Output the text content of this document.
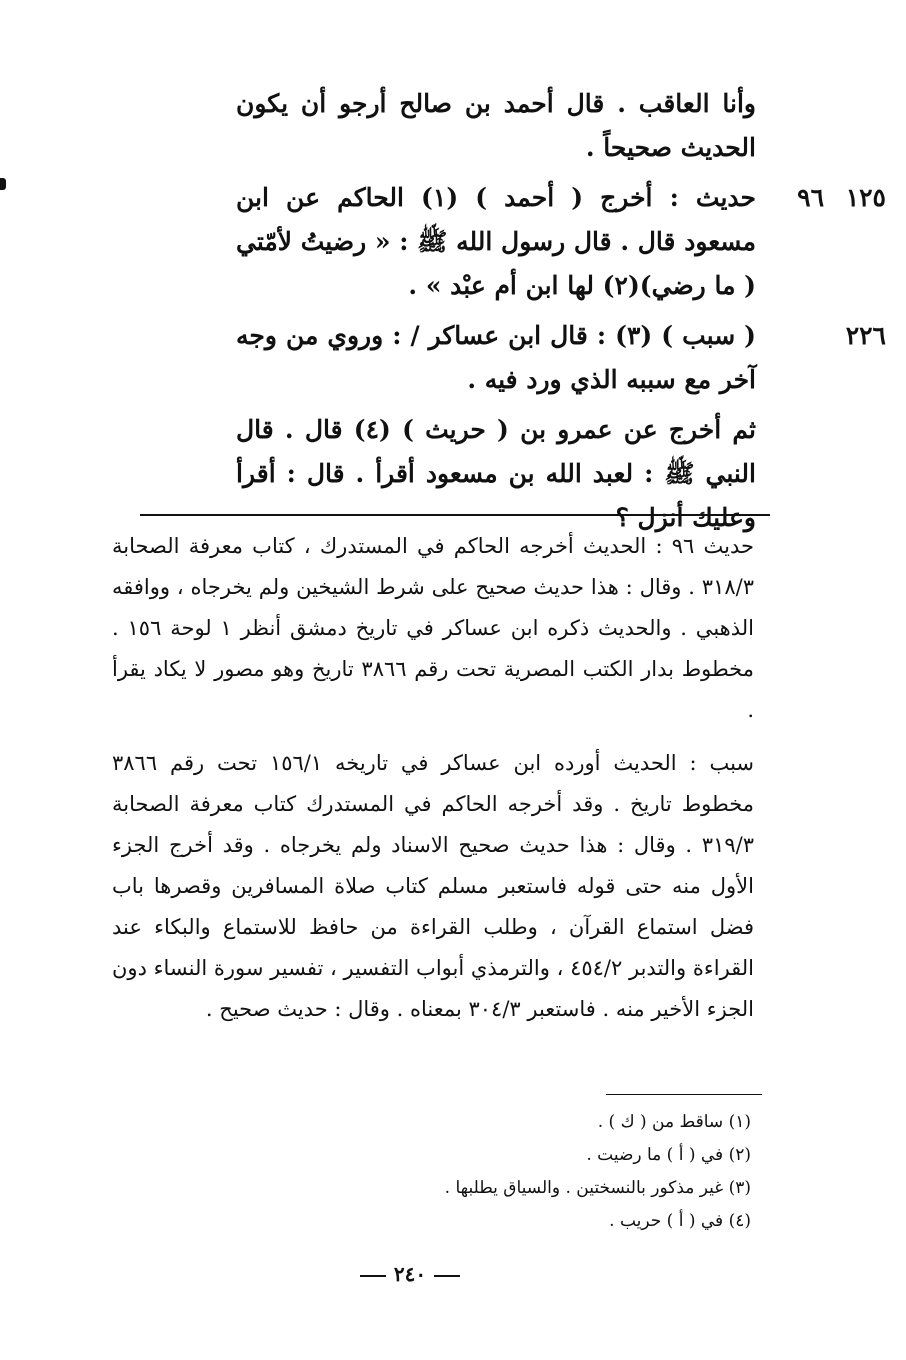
وأنا العاقب . قال أحمد بن صالح أرجو أن يكون الحديث صحيحاً .

١٢٥
٩٦

حديث : أخرج ( أحمد ) (١) الحاكم عن ابن مسعود قال . قال رسول الله ﷺ : « رضيتُ لأمّتي ( ما رضي)(٢) لها ابن أم عبْد » .

٢٢٦

( سبب ) (٣) : قال ابن عساكر / : وروي من وجه آخر مع سببه الذي ورد فيه .

ثم أخرج عن عمرو بن ( حريث ) (٤) قال . قال النبي ﷺ : لعبد الله بن مسعود أقرأ . قال : أقرأ وعليك أنزل ؟

حديث ٩٦ : الحديث أخرجه الحاكم في المستدرك ، كتاب معرفة الصحابة ٣١٨/٣ . وقال : هذا حديث صحيح على شرط الشيخين ولم يخرجاه ، ووافقه الذهبي . والحديث ذكره ابن عساكر في تاريخ دمشق أنظر ١ لوحة ١٥٦ . مخطوط بدار الكتب المصرية تحت رقم ٣٨٦٦ تاريخ وهو مصور لا يكاد يقرأ .

سبب : الحديث أورده ابن عساكر في تاريخه ١٥٦/١ تحت رقم ٣٨٦٦ مخطوط تاريخ . وقد أخرجه الحاكم في المستدرك كتاب معرفة الصحابة ٣١٩/٣ . وقال : هذا حديث صحيح الاسناد ولم يخرجاه . وقد أخرج الجزء الأول منه حتى قوله فاستعبر مسلم كتاب صلاة المسافرين وقصرها باب فضل استماع القرآن ، وطلب القراءة من حافظ للاستماع والبكاء عند القراءة والتدبر ٤٥٤/٢ ، والترمذي أبواب التفسير ، تفسير سورة النساء دون الجزء الأخير منه . فاستعبر ٣٠٤/٣ بمعناه . وقال : حديث صحيح .

(١) ساقط من ( ك ) .

(٢) في ( أ ) ما رضيت .

(٣) غير مذكور بالنسختين . والسياق يطلبها .

(٤) في ( أ ) حريب .

٢٤٠
